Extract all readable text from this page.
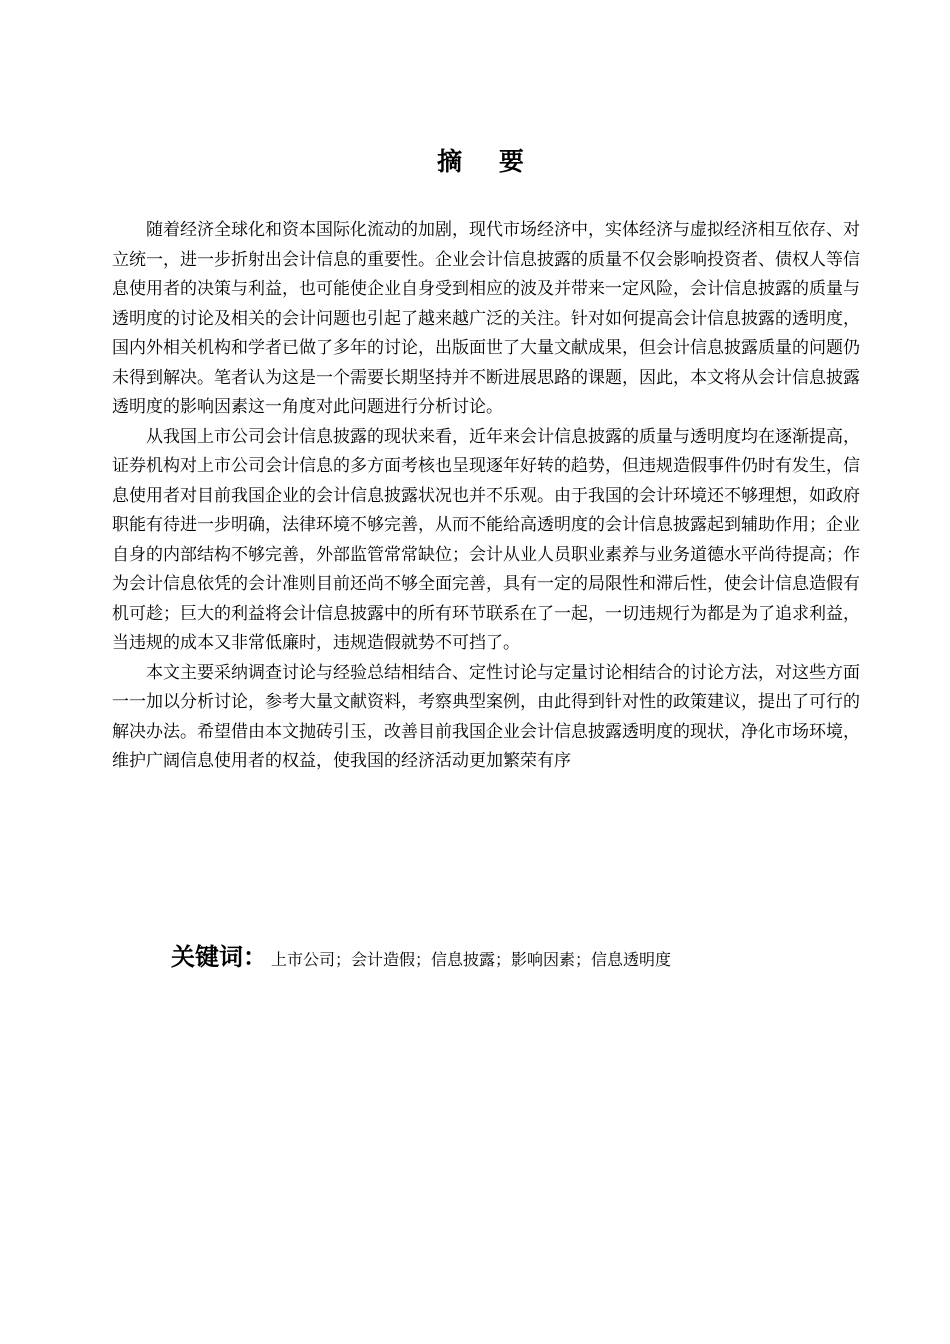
摘 要

随着经济全球化和资本国际化流动的加剧，现代市场经济中，实体经济与虚拟经济相互依存、对立统一，进一步折射出会计信息的重要性。企业会计信息披露的质量不仅会影响投资者、债权人等信息使用者的决策与利益，也可能使企业自身受到相应的波及并带来一定风险，会计信息披露的质量与透明度的讨论及相关的会计问题也引起了越来越广泛的关注。针对如何提高会计信息披露的透明度，国内外相关机构和学者已做了多年的讨论，出版面世了大量文献成果，但会计信息披露质量的问题仍未得到解决。笔者认为这是一个需要长期坚持并不断进展思路的课题，因此，本文将从会计信息披露透明度的影响因素这一角度对此问题进行分析讨论。

从我国上市公司会计信息披露的现状来看，近年来会计信息披露的质量与透明度均在逐渐提高，证券机构对上市公司会计信息的多方面考核也呈现逐年好转的趋势，但违规造假事件仍时有发生，信息使用者对目前我国企业的会计信息披露状况也并不乐观。由于我国的会计环境还不够理想，如政府职能有待进一步明确，法律环境不够完善，从而不能给高透明度的会计信息披露起到辅助作用；企业自身的内部结构不够完善，外部监管常常缺位；会计从业人员职业素养与业务道德水平尚待提高；作为会计信息依凭的会计准则目前还尚不够全面完善，具有一定的局限性和滞后性，使会计信息造假有机可趁；巨大的利益将会计信息披露中的所有环节联系在了一起，一切违规行为都是为了追求利益，当违规的成本又非常低廉时，违规造假就势不可挡了。

本文主要采纳调查讨论与经验总结相结合、定性讨论与定量讨论相结合的讨论方法，对这些方面一一加以分析讨论，参考大量文献资料，考察典型案例，由此得到针对性的政策建议，提出了可行的解决办法。希望借由本文抛砖引玉，改善目前我国企业会计信息披露透明度的现状，净化市场环境，维护广阔信息使用者的权益，使我国的经济活动更加繁荣有序

关键词： 上市公司；会计造假；信息披露；影响因素；信息透明度
